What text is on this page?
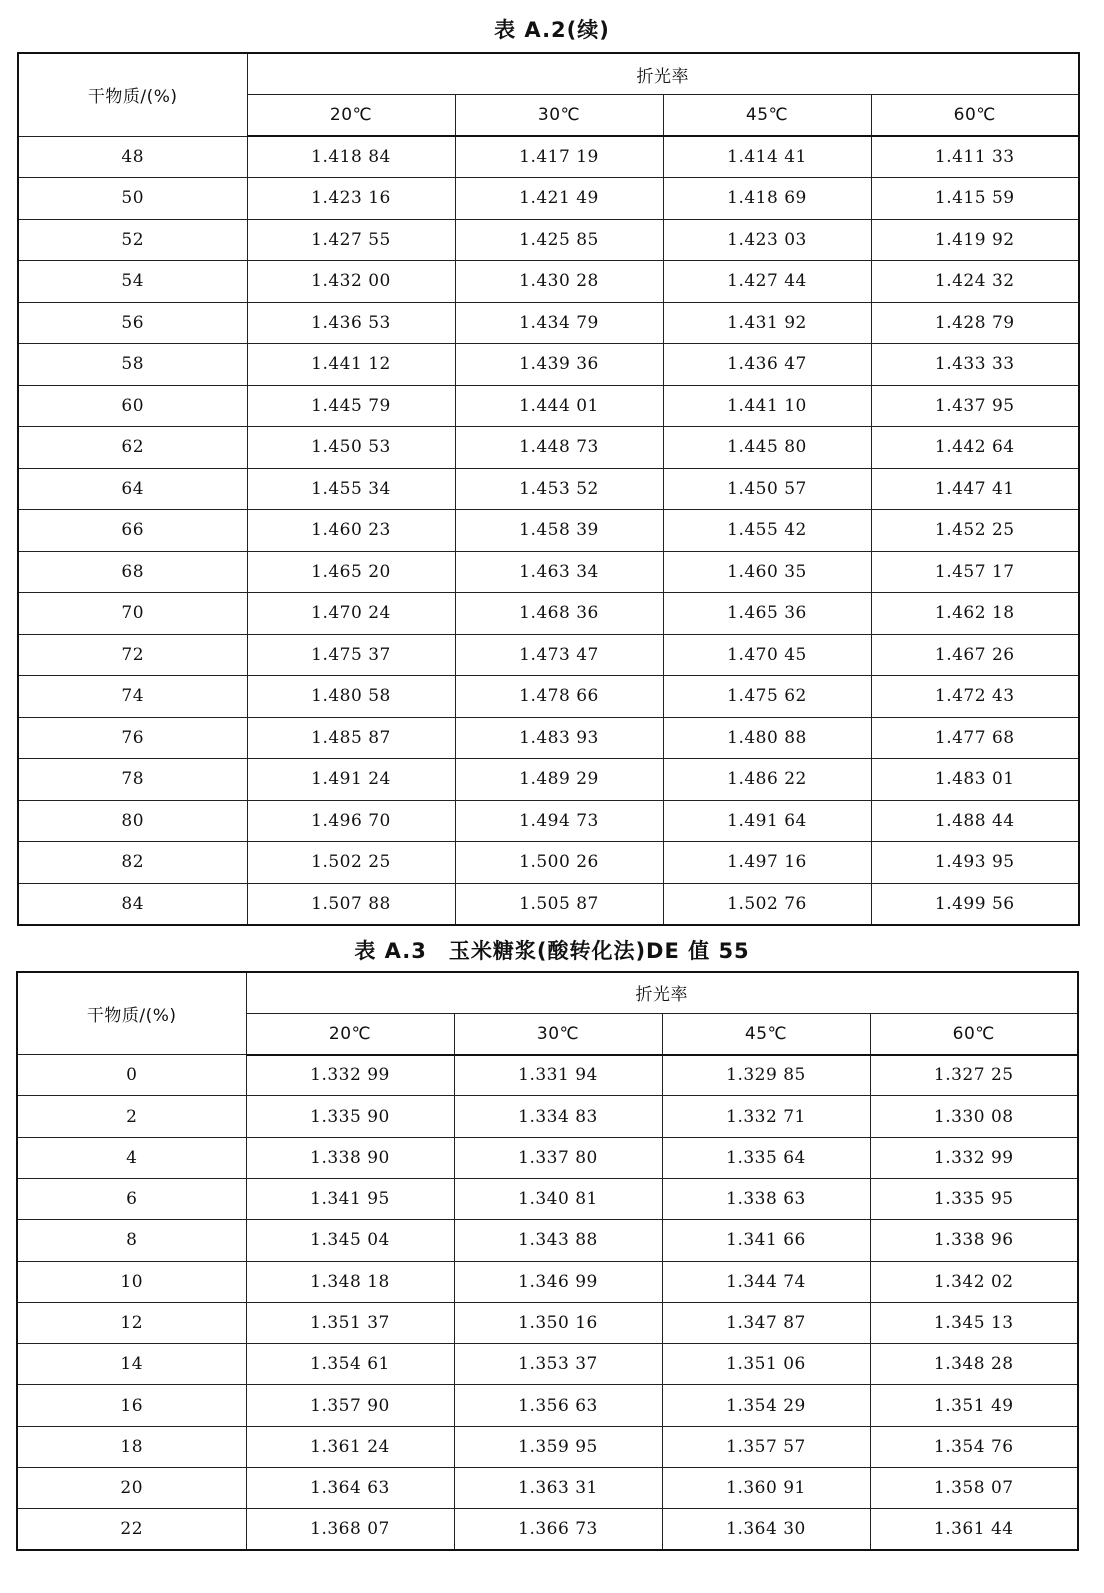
表 A.2(续)
干物质/(%)	折光率			
	20℃	30℃	45℃	60℃
48	1.418 84	1.417 19	1.414 41	1.411 33
50	1.423 16	1.421 49	1.418 69	1.415 59
52	1.427 55	1.425 85	1.423 03	1.419 92
54	1.432 00	1.430 28	1.427 44	1.424 32
56	1.436 53	1.434 79	1.431 92	1.428 79
58	1.441 12	1.439 36	1.436 47	1.433 33
60	1.445 79	1.444 01	1.441 10	1.437 95
62	1.450 53	1.448 73	1.445 80	1.442 64
64	1.455 34	1.453 52	1.450 57	1.447 41
66	1.460 23	1.458 39	1.455 42	1.452 25
68	1.465 20	1.463 34	1.460 35	1.457 17
70	1.470 24	1.468 36	1.465 36	1.462 18
72	1.475 37	1.473 47	1.470 45	1.467 26
74	1.480 58	1.478 66	1.475 62	1.472 43
76	1.485 87	1.483 93	1.480 88	1.477 68
78	1.491 24	1.489 29	1.486 22	1.483 01
80	1.496 70	1.494 73	1.491 64	1.488 44
82	1.502 25	1.500 26	1.497 16	1.493 95
84	1.507 88	1.505 87	1.502 76	1.499 56
表 A.3　玉米糖浆(酸转化法)DE 值 55
干物质/(%)	折光率			
	20℃	30℃	45℃	60℃
0	1.332 99	1.331 94	1.329 85	1.327 25
2	1.335 90	1.334 83	1.332 71	1.330 08
4	1.338 90	1.337 80	1.335 64	1.332 99
6	1.341 95	1.340 81	1.338 63	1.335 95
8	1.345 04	1.343 88	1.341 66	1.338 96
10	1.348 18	1.346 99	1.344 74	1.342 02
12	1.351 37	1.350 16	1.347 87	1.345 13
14	1.354 61	1.353 37	1.351 06	1.348 28
16	1.357 90	1.356 63	1.354 29	1.351 49
18	1.361 24	1.359 95	1.357 57	1.354 76
20	1.364 63	1.363 31	1.360 91	1.358 07
22	1.368 07	1.366 73	1.364 30	1.361 44
